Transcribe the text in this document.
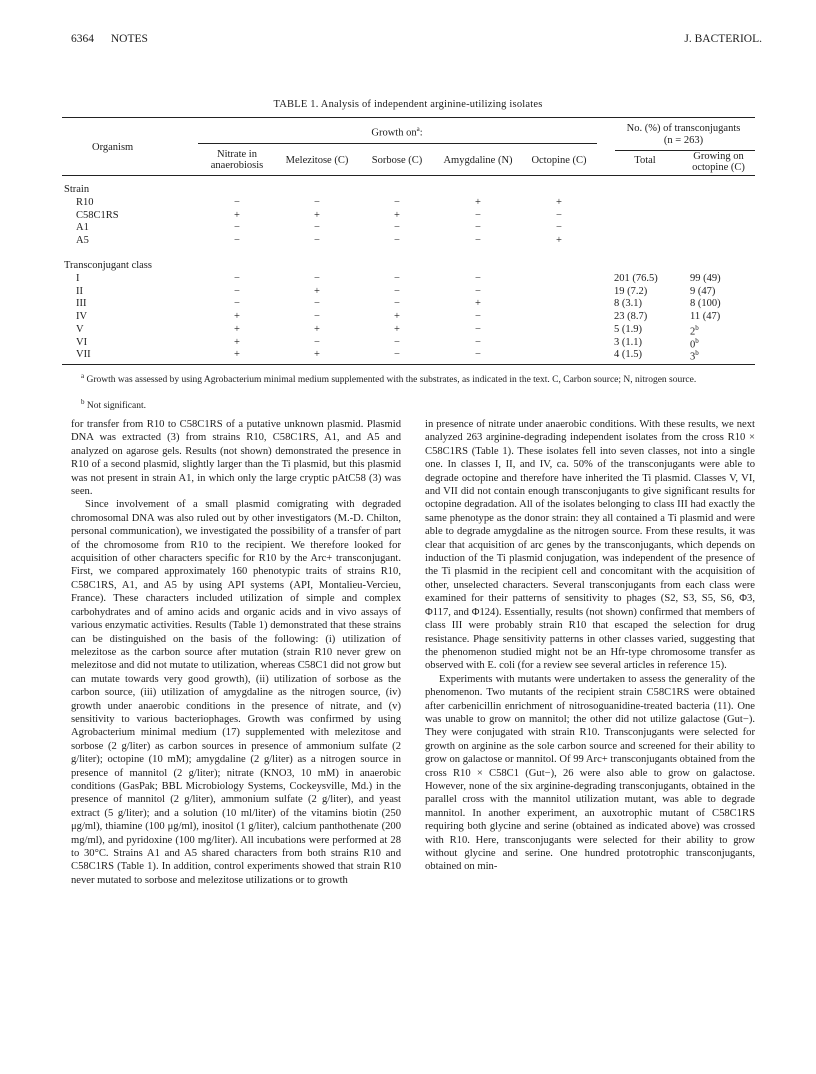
6364 NOTES	J. BACTERIOL.
TABLE 1. Analysis of independent arginine-utilizing isolates
Organism
Growth $on^a$:
Nitrate in anaerobiosis	Melezitose (C)	Sorbose (C)	Amygdaline (N)	Octopine (C)
No. (%) of transconjugants
(n = 263)
Total	Growing on octopine (C)
Strain
R10	−	−	−	+	+
C58C1RS	+	+	+	−	−
A1	−	−	−	−	−
A5	−	−	−	−	+
Transconjugant class
I	−	−	−	−	201 (76.5)	99 (49)
II	−	+	−	−	19 (7.2)	9 (47)
III	−	−	−	+	8 (3.1)	8 (100)
IV	+	−	+	−	23 (8.7)	11 (47)
V	+	+	+	−	5 (1.9)	2$^b$
VI	+	−	−	−	3 (1.1)	0$^b$
VII	+	+	−	−	4 (1.5)	3$^b$
$^a$ Growth was assessed by using Agrobacterium minimal medium supplemented with the substrates, as indicated in the text. C, Carbon source; N, nitrogen source.
$^b$ Not significant.

for transfer from R10 to C58C1RS of a putative unknown plasmid. Plasmid DNA was extracted (3) from strains R10, C58C1RS, A1, and A5 and analyzed on agarose gels. Results (not shown) demonstrated the presence in R10 of a second plasmid, slightly larger than the Ti plasmid, but this plasmid was not present in strain A1, in which only the large cryptic pAtC58 (3) was seen.

Since involvement of a small plasmid comigrating with degraded chromosomal DNA was also ruled out by other investigators (M.-D. Chilton, personal communication), we investigated the possibility of a transfer of part of the chromosome from R10 to the recipient. We therefore looked for acquisition of other characters specific for R10 by the Arc+ transconjugant. First, we compared approximately 160 phenotypic traits of strains R10, C58C1RS, A1, and A5 by using API systems (API, Montalieu-Vercieu, France). These characters included utilization of simple and complex carbohydrates and of amino acids and organic acids and in vivo assays of various enzymatic activities. Results (Table 1) demonstrated that these strains can be distinguished on the basis of the following: (i) utilization of melezitose as the carbon source after mutation (strain R10 never grew on melezitose and did not mutate to utilization, whereas C58C1 did not grow but can mutate towards very good growth), (ii) utilization of sorbose as the carbon source, (iii) utilization of amygdaline as the nitrogen source, (iv) growth under anaerobic conditions in the presence of nitrate, and (v) sensitivity to various bacteriophages. Growth was confirmed by using Agrobacterium minimal medium (17) supplemented with melezitose and sorbose (2 g/liter) as carbon sources in presence of ammonium sulfate (2 g/liter); octopine (10 mM); amygdaline (2 g/liter) as a nitrogen source in presence of mannitol (2 g/liter); nitrate (KNO3, 10 mM) in anaerobic conditions (GasPak; BBL Microbiology Systems, Cockeysville, Md.) in the presence of mannitol (2 g/liter), ammonium sulfate (2 g/liter), and yeast extract (5 g/liter); and a solution (10 ml/liter) of the vitamins biotin (250 μg/ml), thiamine (100 μg/ml), inositol (1 g/liter), calcium panthothenate (200 mg/ml), and pyridoxine (100 mg/liter). All incubations were performed at 28 to 30°C. Strains A1 and A5 shared characters from both strains R10 and C58C1RS (Table 1). In addition, control experiments showed that strain R10 never mutated to sorbose and melezitose utilizations or to growth

in presence of nitrate under anaerobic conditions. With these results, we next analyzed 263 arginine-degrading independent isolates from the cross R10 × C58C1RS (Table 1). These isolates fell into seven classes, not into a single one. In classes I, II, and IV, ca. 50% of the transconjugants were able to degrade octopine and therefore have inherited the Ti plasmid. Classes V, VI, and VII did not contain enough transconjugants to give significant results for octopine degradation. All of the isolates belonging to class III had exactly the same phenotype as the donor strain: they all contained a Ti plasmid and were able to degrade amygdaline as the nitrogen source. From these results, it was clear that acquisition of arc genes by the transconjugants, which depends on induction of the Ti plasmid conjugation, was independent of the presence of the Ti plasmid in the recipient cell and concomitant with the acquisition of other, unselected characters. Several transconjugants from each class were examined for their patterns of sensitivity to phages (S2, S3, S5, S6, Φ3, Φ117, and Φ124). Essentially, results (not shown) confirmed that members of class III were probably strain R10 that escaped the selection for drug resistance. Phage sensitivity patterns in other classes varied, suggesting that the phenomenon studied might not be an Hfr-type chromosome transfer as observed with E. coli (for a review see several articles in reference 15).

Experiments with mutants were undertaken to assess the generality of the phenomenon. Two mutants of the recipient strain C58C1RS were obtained after carbenicillin enrichment of nitrosoguanidine-treated bacteria (11). One was unable to grow on mannitol; the other did not utilize galactose (Gut−). They were conjugated with strain R10. Transconjugants were selected for growth on arginine as the sole carbon source and screened for their ability to grow on galactose or mannitol. Of 99 Arc+ transconjugants obtained from the cross R10 × C58C1 (Gut−), 26 were also able to grow on galactose. However, none of the six arginine-degrading transconjugants, obtained in the parallel cross with the mannitol utilization mutant, was able to degrade mannitol. In another experiment, an auxotrophic mutant of C58C1RS requiring both glycine and serine (obtained as indicated above) was crossed with R10. Here, transconjugants were selected for their ability to grow without glycine and serine. One hundred prototrophic transconjugants, obtained on min-
